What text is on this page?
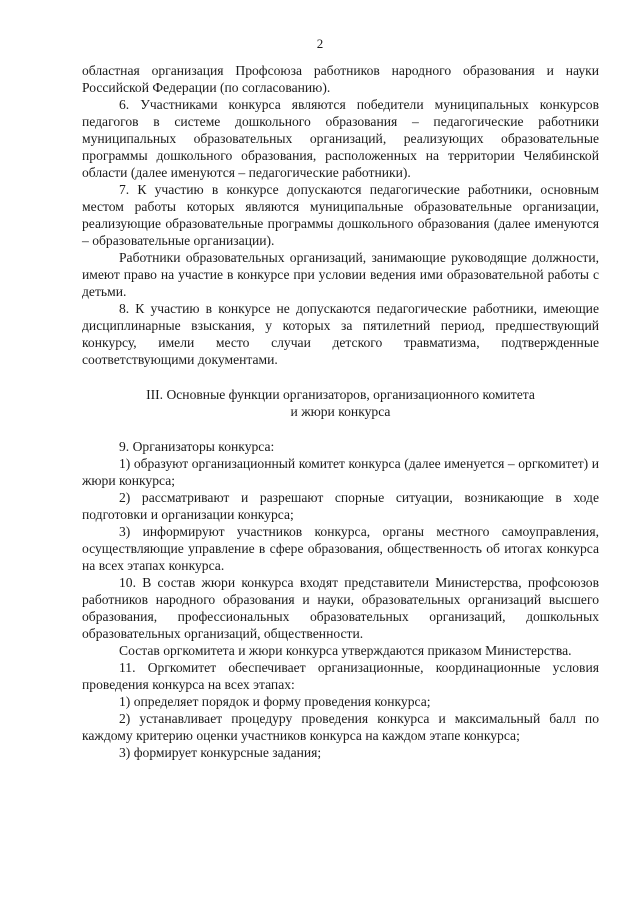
2

областная организация Профсоюза работников народного образования и науки Российской Федерации (по согласованию).

6. Участниками конкурса являются победители муниципальных конкурсов педагогов в системе дошкольного образования – педагогические работники муниципальных образовательных организаций, реализующих образовательные программы дошкольного образования, расположенных на территории Челябинской области (далее именуются – педагогические работники).

7. К участию в конкурсе допускаются педагогические работники, основным местом работы которых являются муниципальные образовательные организации, реализующие образовательные программы дошкольного образования (далее именуются – образовательные организации).

Работники образовательных организаций, занимающие руководящие должности, имеют право на участие в конкурсе при условии ведения ими образовательной работы с детьми.

8. К участию в конкурсе не допускаются педагогические работники, имеющие дисциплинарные взыскания, у которых за пятилетний период, предшествующий конкурсу, имели место случаи детского травматизма, подтвержденные соответствующими документами.

III. Основные функции организаторов, организационного комитета

и жюри конкурса

9. Организаторы конкурса:

1) образуют организационный комитет конкурса (далее именуется – оргкомитет) и жюри конкурса;

2) рассматривают и разрешают спорные ситуации, возникающие в ходе подготовки и организации конкурса;

3) информируют участников конкурса, органы местного самоуправления, осуществляющие управление в сфере образования, общественность об итогах конкурса на всех этапах конкурса.

10. В состав жюри конкурса входят представители Министерства, профсоюзов работников народного образования и науки, образовательных организаций высшего образования, профессиональных образовательных организаций, дошкольных образовательных организаций, общественности.

Состав оргкомитета и жюри конкурса утверждаются приказом Министерства.

11. Оргкомитет обеспечивает организационные, координационные условия проведения конкурса на всех этапах:

1) определяет порядок и форму проведения конкурса;

2) устанавливает процедуру проведения конкурса и максимальный балл по каждому критерию оценки участников конкурса на каждом этапе конкурса;

3) формирует конкурсные задания;
